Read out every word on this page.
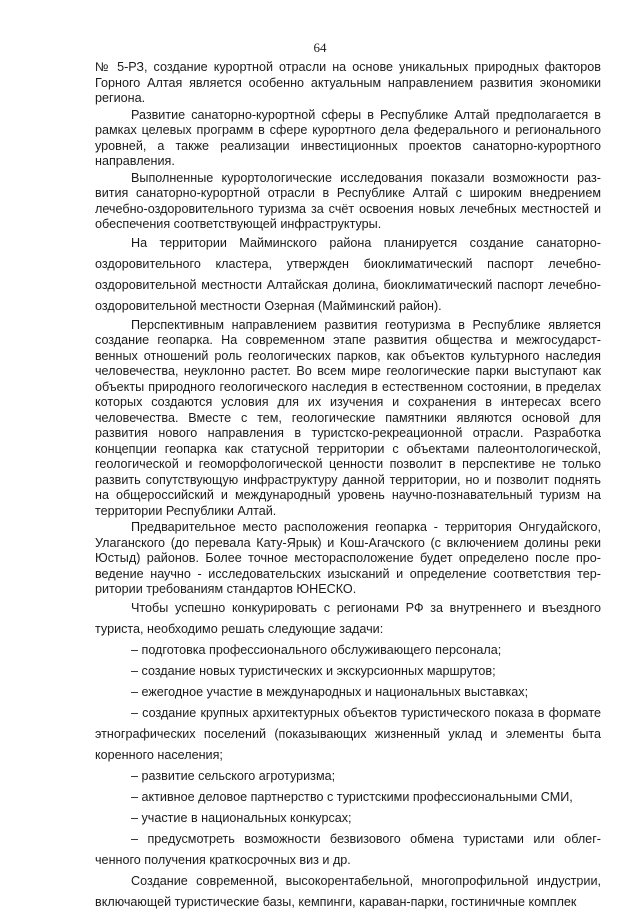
64

№ 5-РЗ, создание курортной отрасли на основе уникальных природных факторов Горного Алтая является особенно актуальным направлением развития экономики региона.

Развитие санаторно-курортной сферы в Республике Алтай предполагается в рамках целевых программ в сфере курортного дела федерального и регионального уровней, а также реализации инвестиционных проектов санаторно-курортного направления.

Выполненные курортологические исследования показали возможности развития санаторно-курортной отрасли в Республике Алтай с широким внедрением лечебно-оздоровительного туризма за счёт освоения новых лечебных местностей и обеспечения соответствующей инфраструктуры.

На территории Майминского района планируется создание санаторно-оздоровительного кластера, утвержден биоклиматический паспорт лечебно-оздоровительной местности Алтайская долина, биоклиматический паспорт лечебно-оздоровительной местности Озерная (Майминский район).

Перспективным направлением развития геотуризма в Республике является создание геопарка. На современном этапе развития общества и межгосударственных отношений роль геологических парков, как объектов культурного наследия человечества, неуклонно растет. Во всем мире геологические парки выступают как объекты природного геологического наследия в естественном состоянии, в пределах которых создаются условия для их изучения и сохранения в интересах всего человечества. Вместе с тем, геологические памятники являются основой для развития нового направления в туристско-рекреационной отрасли. Разработка концепции геопарка как статусной территории с объектами палеонтологической, геологической и геоморфологической ценности позволит в перспективе не только развить сопутствующую инфраструктуру данной территории, но и позволит поднять на общероссийский и международный уровень научно-познавательный туризм на территории Республики Алтай.

Предварительное место расположения геопарка - территория Онгудайского, Улаганского (до перевала Кату-Ярык) и Кош-Агачского (с включением долины реки Юстыд) районов. Более точное месторасположение будет определено после проведение научно - исследовательских изысканий и определение соответствия территории требованиям стандартов ЮНЕСКО.

Чтобы успешно конкурировать с регионами РФ за внутреннего и въездного туриста, необходимо решать следующие задачи:

– подготовка профессионального обслуживающего персонала;

– создание новых туристических и экскурсионных маршрутов;

– ежегодное участие в международных и национальных выставках;

– создание крупных архитектурных объектов туристического показа в формате этнографических поселений (показывающих жизненный уклад и элементы быта коренного населения;

– развитие сельского агротуризма;

– активное деловое партнерство с туристскими профессиональными СМИ,

– участие в национальных конкурсах;

– предусмотреть возможности безвизового обмена туристами или облегченного получения краткосрочных виз и др.

Создание современной, высокорентабельной, многопрофильной индустрии, включающей туристические базы, кемпинги, караван-парки, гостиничные комплек
